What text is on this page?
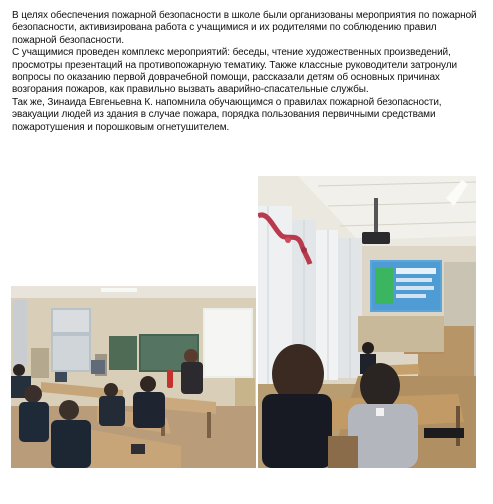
В целях обеспечения пожарной безопасности в школе были организованы мероприятия по пожарной безопасности, активизирована работа с учащимися и их родителями по соблюдению правил пожарной безопасности.

С учащимися проведен комплекс мероприятий: беседы, чтение художественных произведений, просмотры презентаций на противопожарную тематику. Также классные руководители затронули вопросы по оказанию первой доврачебной помощи, рассказали детям об основных причинах возгорания пожаров, как правильно вызвать аварийно-спасательные службы.

Так же, Зинаида Евгеньевна К. напомнила обучающимся о правилах пожарной безопасности, эвакуации людей из здания в случае пожара, порядка пользования первичными средствами пожаротушения и порошковым огнетушителем.
